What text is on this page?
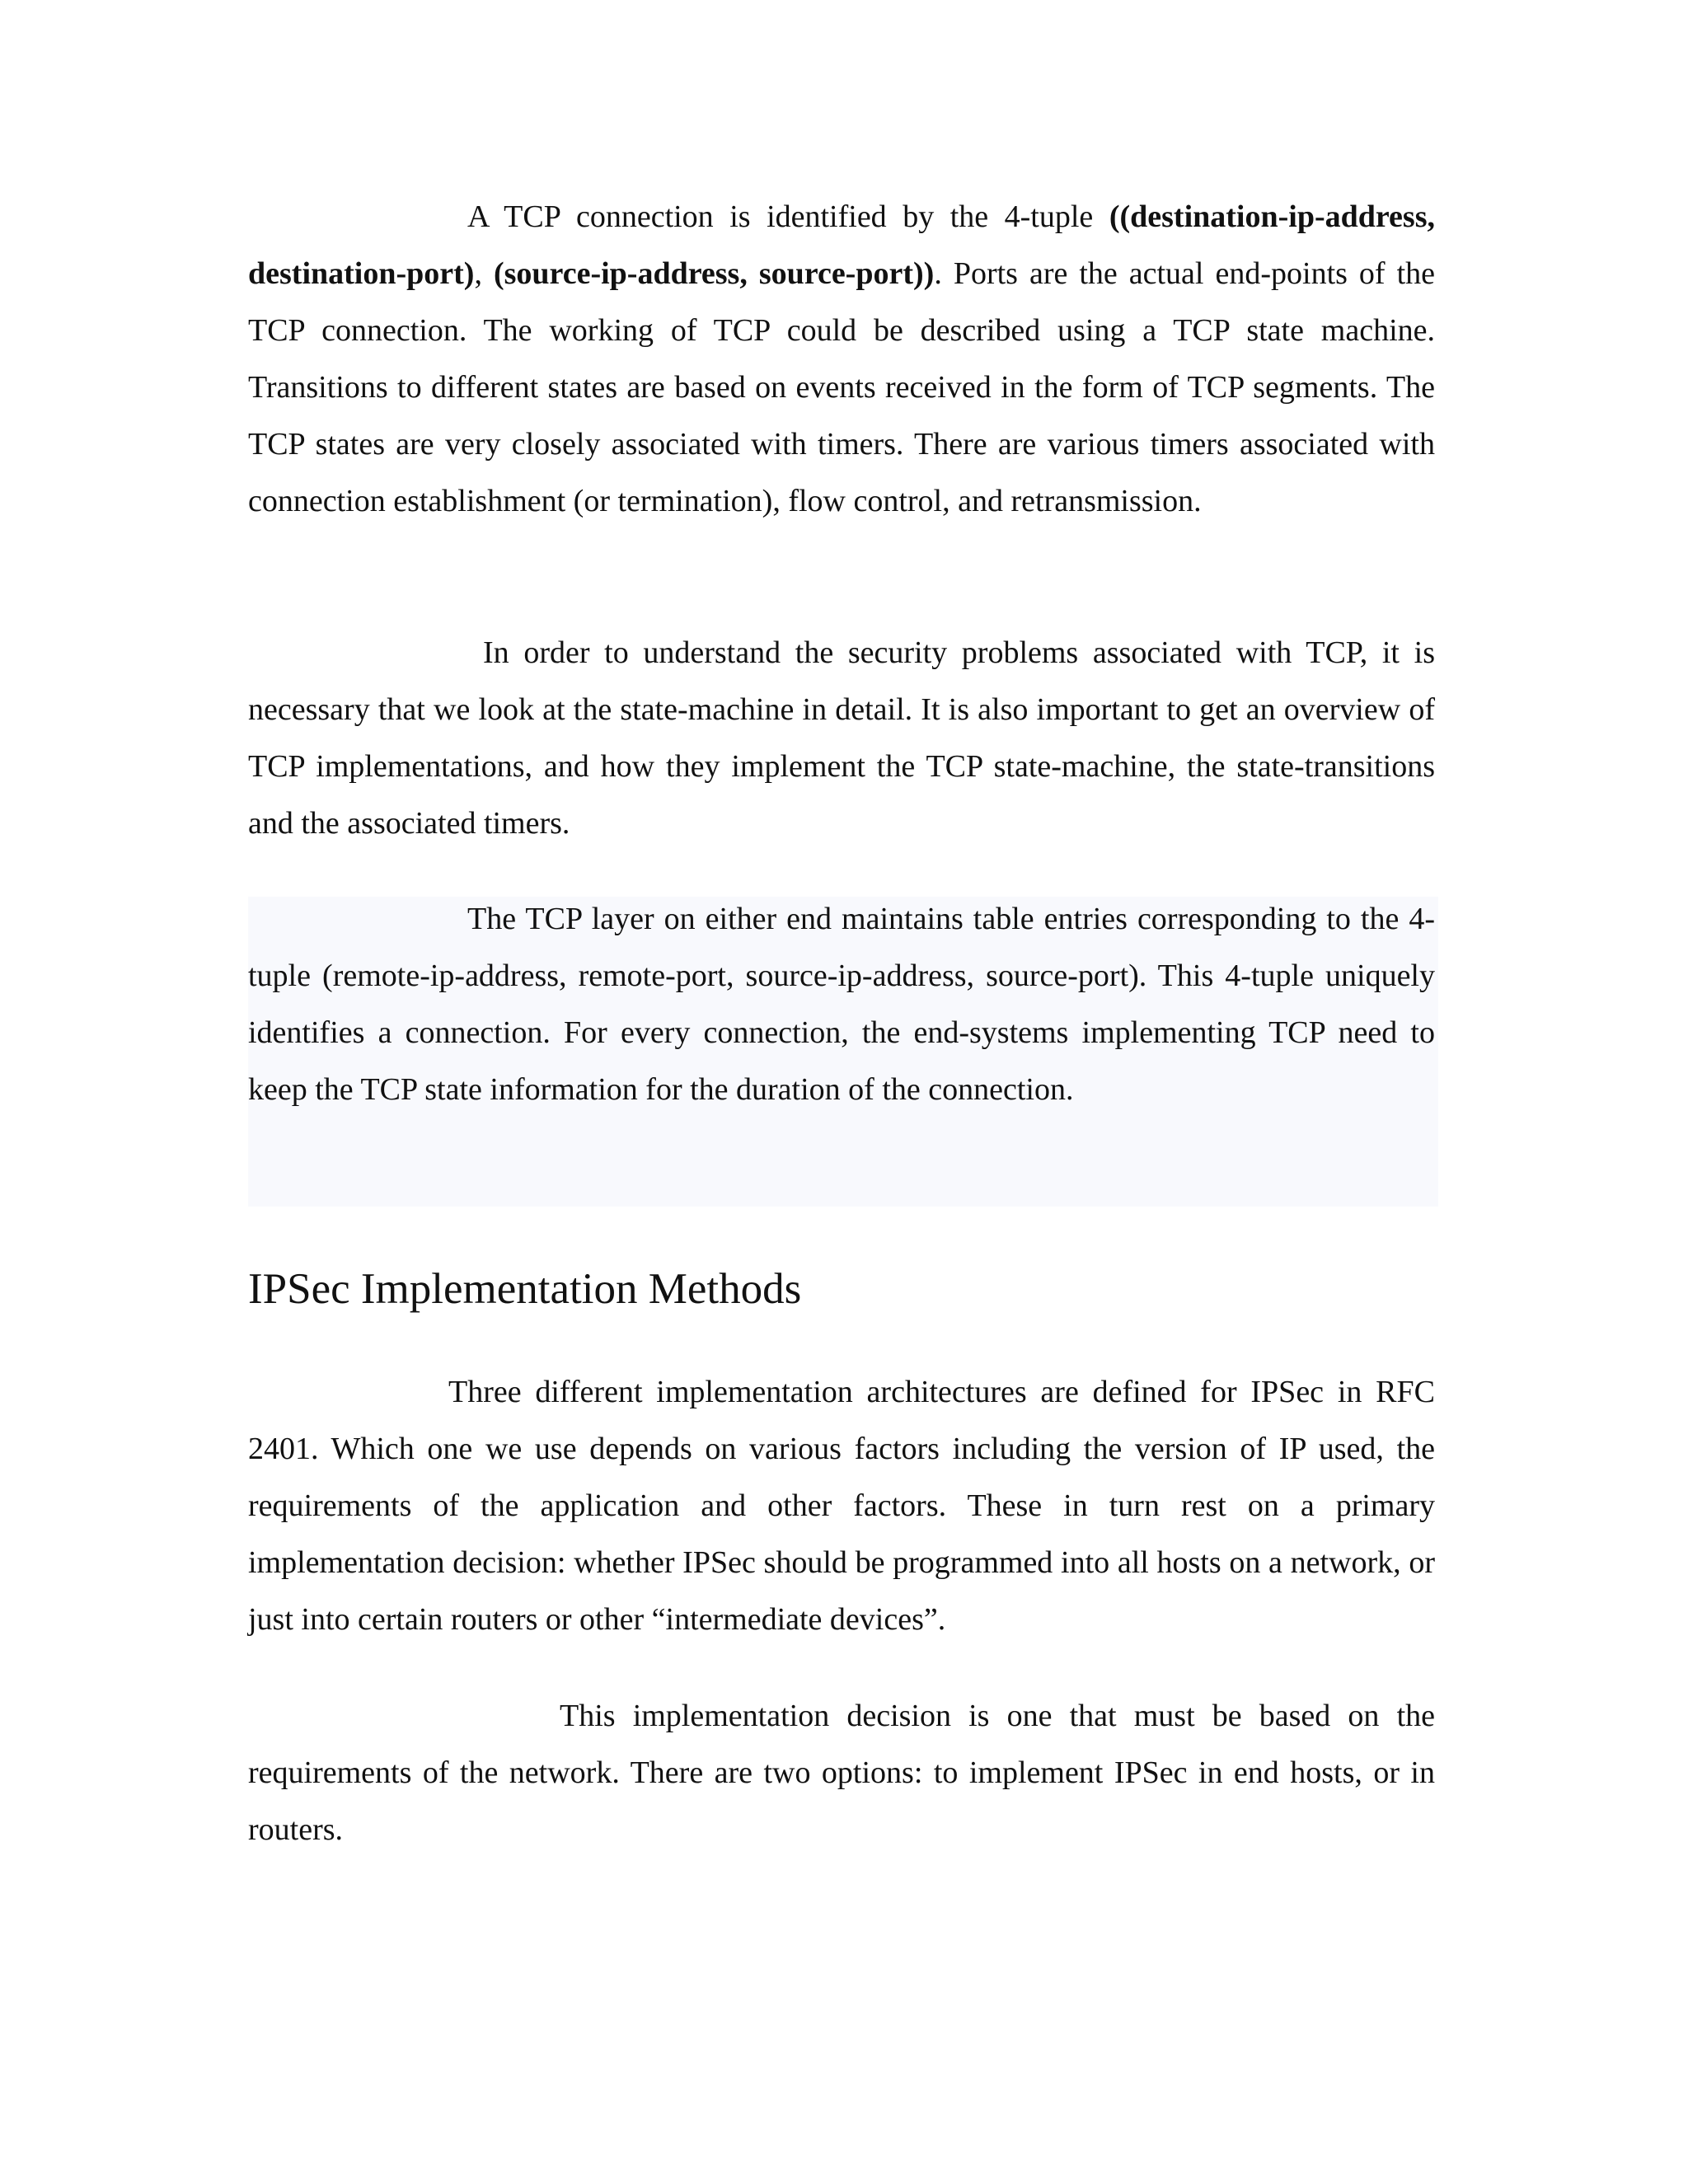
A TCP connection is identified by the 4-tuple ((destination-ip-address, destination-port), (source-ip-address, source-port)). Ports are the actual end-points of the TCP connection. The working of TCP could be described using a TCP state machine. Transitions to different states are based on events received in the form of TCP segments. The TCP states are very closely associated with timers. There are various timers associated with connection establishment (or termination), flow control, and retransmission.

In order to understand the security problems associated with TCP, it is necessary that we look at the state-machine in detail. It is also important to get an overview of TCP implementations, and how they implement the TCP state-machine, the state-transitions and the associated timers.

The TCP layer on either end maintains table entries corresponding to the 4-tuple (remote-ip-address, remote-port, source-ip-address, source-port). This 4-tuple uniquely identifies a connection. For every connection, the end-systems implementing TCP need to keep the TCP state information for the duration of the connection.

IPSec Implementation Methods

Three different implementation architectures are defined for IPSec in RFC 2401. Which one we use depends on various factors including the version of IP used, the requirements of the application and other factors. These in turn rest on a primary implementation decision: whether IPSec should be programmed into all hosts on a network, or just into certain routers or other “intermediate devices”.

This implementation decision is one that must be based on the requirements of the network. There are two options: to implement IPSec in end hosts, or in routers.
